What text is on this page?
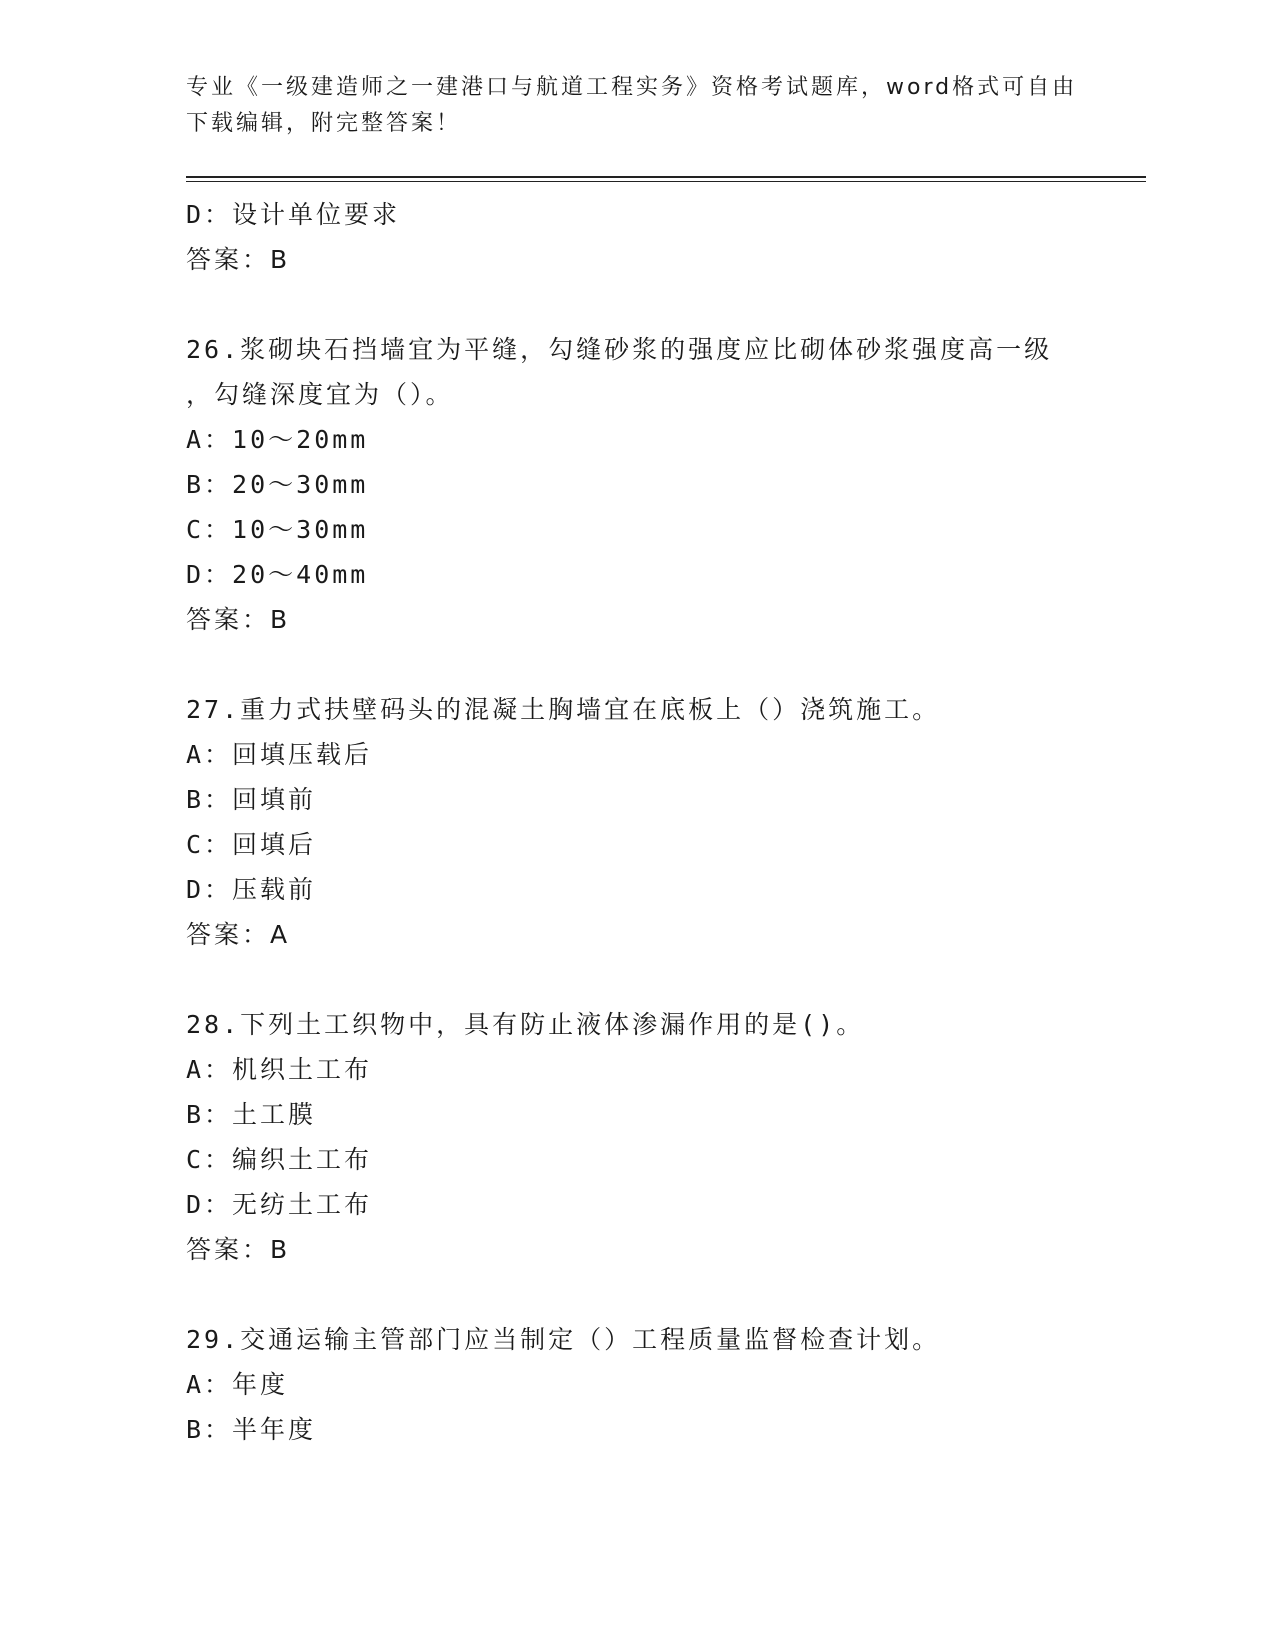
专业《一级建造师之一建港口与航道工程实务》资格考试题库，word格式可自由
下载编辑，附完整答案！
D：设计单位要求
答案：B
26.浆砌块石挡墙宜为平缝，勾缝砂浆的强度应比砌体砂浆强度高一级
，勾缝深度宜为（）。
A：10～20mm
B：20～30mm
C：10～30mm
D：20～40mm
答案：B
27.重力式扶壁码头的混凝土胸墙宜在底板上（）浇筑施工。
A：回填压载后
B：回填前
C：回填后
D：压载前
答案：A
28.下列土工织物中，具有防止液体渗漏作用的是()。
A：机织土工布
B：土工膜
C：编织土工布
D：无纺土工布
答案：B
29.交通运输主管部门应当制定（）工程质量监督检查计划。
A：年度
B：半年度
